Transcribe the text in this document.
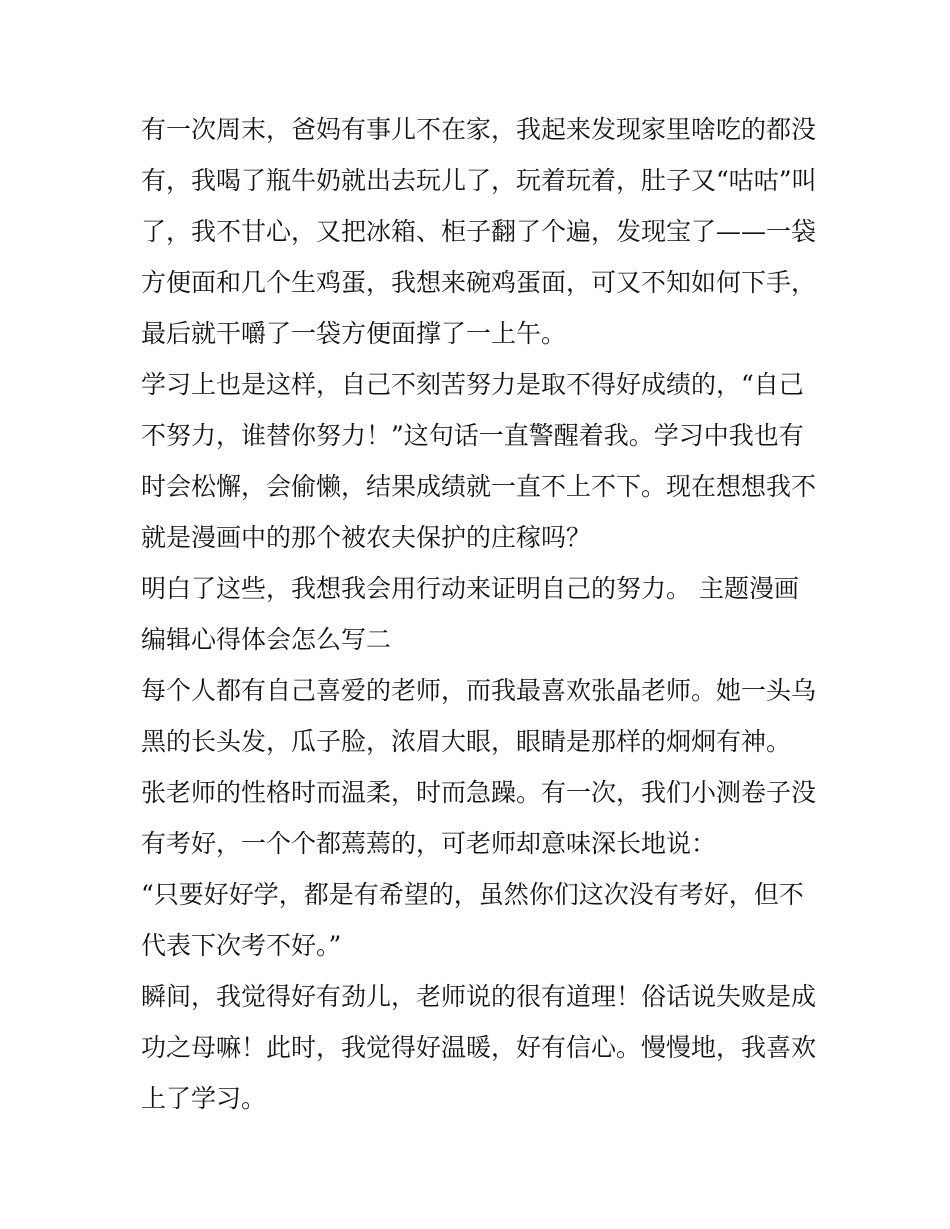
有一次周末，爸妈有事儿不在家，我起来发现家里啥吃的都没
有，我喝了瓶牛奶就出去玩儿了，玩着玩着，肚子又“咕咕”叫
了，我不甘心，又把冰箱、柜子翻了个遍，发现宝了——一袋
方便面和几个生鸡蛋，我想来碗鸡蛋面，可又不知如何下手，
最后就干嚼了一袋方便面撑了一上午。
学习上也是这样，自己不刻苦努力是取不得好成绩的，“自己
不努力，谁替你努力！”这句话一直警醒着我。学习中我也有
时会松懈，会偷懒，结果成绩就一直不上不下。现在想想我不
就是漫画中的那个被农夫保护的庄稼吗？
明白了这些，我想我会用行动来证明自己的努力。 主题漫画
编辑心得体会怎么写二
每个人都有自己喜爱的老师，而我最喜欢张晶老师。她一头乌
黑的长头发，瓜子脸，浓眉大眼，眼睛是那样的炯炯有神。
张老师的性格时而温柔，时而急躁。有一次，我们小测卷子没
有考好，一个个都蔫蔫的，可老师却意味深长地说：
“只要好好学，都是有希望的，虽然你们这次没有考好，但不
代表下次考不好。”
瞬间，我觉得好有劲儿，老师说的很有道理！俗话说失败是成
功之母嘛！此时，我觉得好温暖，好有信心。慢慢地，我喜欢
上了学习。
